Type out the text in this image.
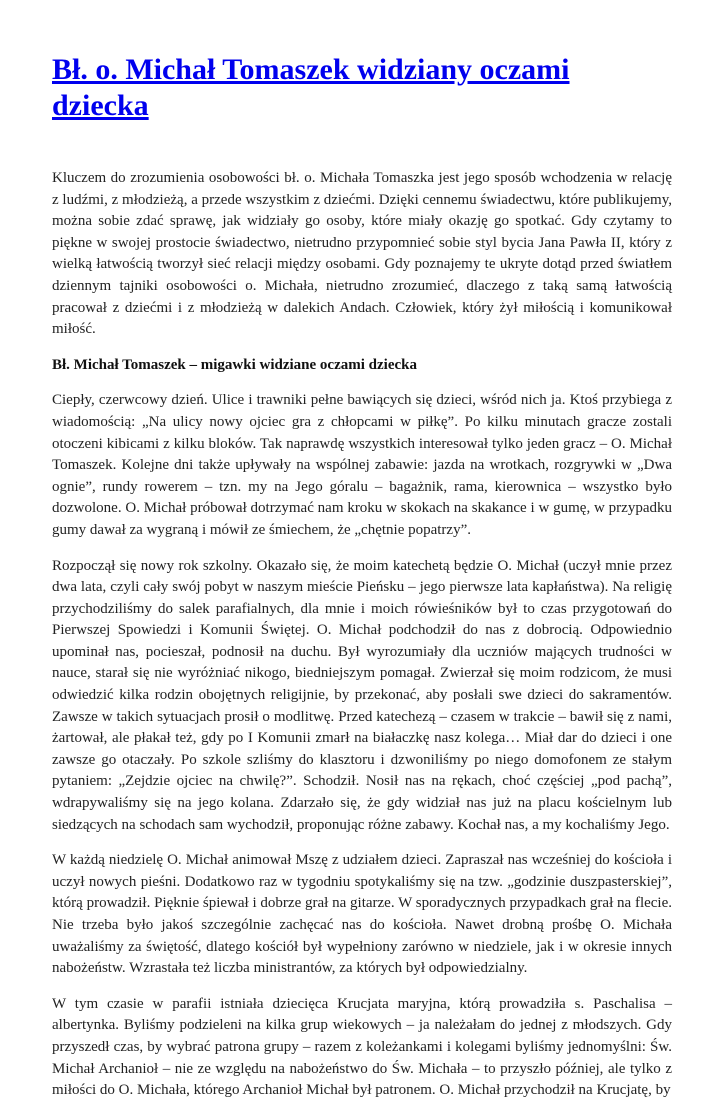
Bł. o. Michał Tomaszek widziany oczami dziecka

Kluczem do zrozumienia osobowości bł. o. Michała Tomaszka jest jego sposób wchodzenia w relację z ludźmi, z młodzieżą, a przede wszystkim z dziećmi. Dzięki cennemu świadectwu, które publikujemy, można sobie zdać sprawę, jak widziały go osoby, które miały okazję go spotkać. Gdy czytamy to piękne w swojej prostocie świadectwo, nietrudno przypomnieć sobie styl bycia Jana Pawła II, który z wielką łatwością tworzył sieć relacji między osobami. Gdy poznajemy te ukryte dotąd przed światłem dziennym tajniki osobowości o. Michała, nietrudno zrozumieć, dlaczego z taką samą łatwością pracował z dziećmi i z młodzieżą w dalekich Andach. Człowiek, który żył miłością i komunikował miłość.

Bł. Michał Tomaszek – migawki widziane oczami dziecka

Ciepły, czerwcowy dzień. Ulice i trawniki pełne bawiących się dzieci, wśród nich ja. Ktoś przybiega z wiadomością: „Na ulicy nowy ojciec gra z chłopcami w piłkę”. Po kilku minutach gracze zostali otoczeni kibicami z kilku bloków. Tak naprawdę wszystkich interesował tylko jeden gracz – O. Michał Tomaszek. Kolejne dni także upływały na wspólnej zabawie: jazda na wrotkach, rozgrywki w „Dwa ognie”, rundy rowerem – tzn. my na Jego góralu – bagażnik, rama, kierownica – wszystko było dozwolone. O. Michał próbował dotrzymać nam kroku w skokach na skakance i w gumę, w przypadku gumy dawał za wygraną i mówił ze śmiechem, że „chętnie popatrzy”.

Rozpoczął się nowy rok szkolny. Okazało się, że moim katechetą będzie O. Michał (uczył mnie przez dwa lata, czyli cały swój pobyt w naszym mieście Pieńsku – jego pierwsze lata kapłaństwa). Na religię przychodziliśmy do salek parafialnych, dla mnie i moich rówieśników był to czas przygotowań do Pierwszej Spowiedzi i Komunii Świętej. O. Michał podchodził do nas z dobrocią. Odpowiednio upominał nas, pocieszał, podnosił na duchu. Był wyrozumiały dla uczniów mających trudności w nauce, starał się nie wyróżniać nikogo, biedniejszym pomagał. Zwierzał się moim rodzicom, że musi odwiedzić kilka rodzin obojętnych religijnie, by przekonać, aby posłali swe dzieci do sakramentów. Zawsze w takich sytuacjach prosił o modlitwę. Przed katechezą – czasem w trakcie – bawił się z nami, żartował, ale płakał też, gdy po I Komunii zmarł na białaczkę nasz kolega… Miał dar do dzieci i one zawsze go otaczały. Po szkole szliśmy do klasztoru i dzwoniliśmy po niego domofonem ze stałym pytaniem: „Zejdzie ojciec na chwilę?”. Schodził. Nosił nas na rękach, choć częściej „pod pachą”, wdrapywaliśmy się na jego kolana. Zdarzało się, że gdy widział nas już na placu kościelnym lub siedzących na schodach sam wychodził, proponując różne zabawy. Kochał nas, a my kochaliśmy Jego.

W każdą niedzielę O. Michał animował Mszę z udziałem dzieci. Zapraszał nas wcześniej do kościoła i uczył nowych pieśni. Dodatkowo raz w tygodniu spotykaliśmy się na tzw. „godzinie duszpasterskiej”, którą prowadził. Pięknie śpiewał i dobrze grał na gitarze. W sporadycznych przypadkach grał na flecie. Nie trzeba było jakoś szczególnie zachęcać nas do kościoła. Nawet drobną prośbę O. Michała uważaliśmy za świętość, dlatego kościół był wypełniony zarówno w niedziele, jak i w okresie innych nabożeństw. Wzrastała też liczba ministrantów, za których był odpowiedzialny.

W tym czasie w parafii istniała dziecięca Krucjata maryjna, którą prowadziła s. Paschalisa – albertynka. Byliśmy podzieleni na kilka grup wiekowych – ja należałam do jednej z młodszych. Gdy przyszedł czas, by wybrać patrona grupy – razem z koleżankami i kolegami byliśmy jednomyślni: Św. Michał Archanioł – nie ze względu na nabożeństwo do Św. Michała – to przyszło później, ale tylko z miłości do O. Michała, którego Archanioł Michał był patronem. O. Michał przychodził na Krucjatę, by
